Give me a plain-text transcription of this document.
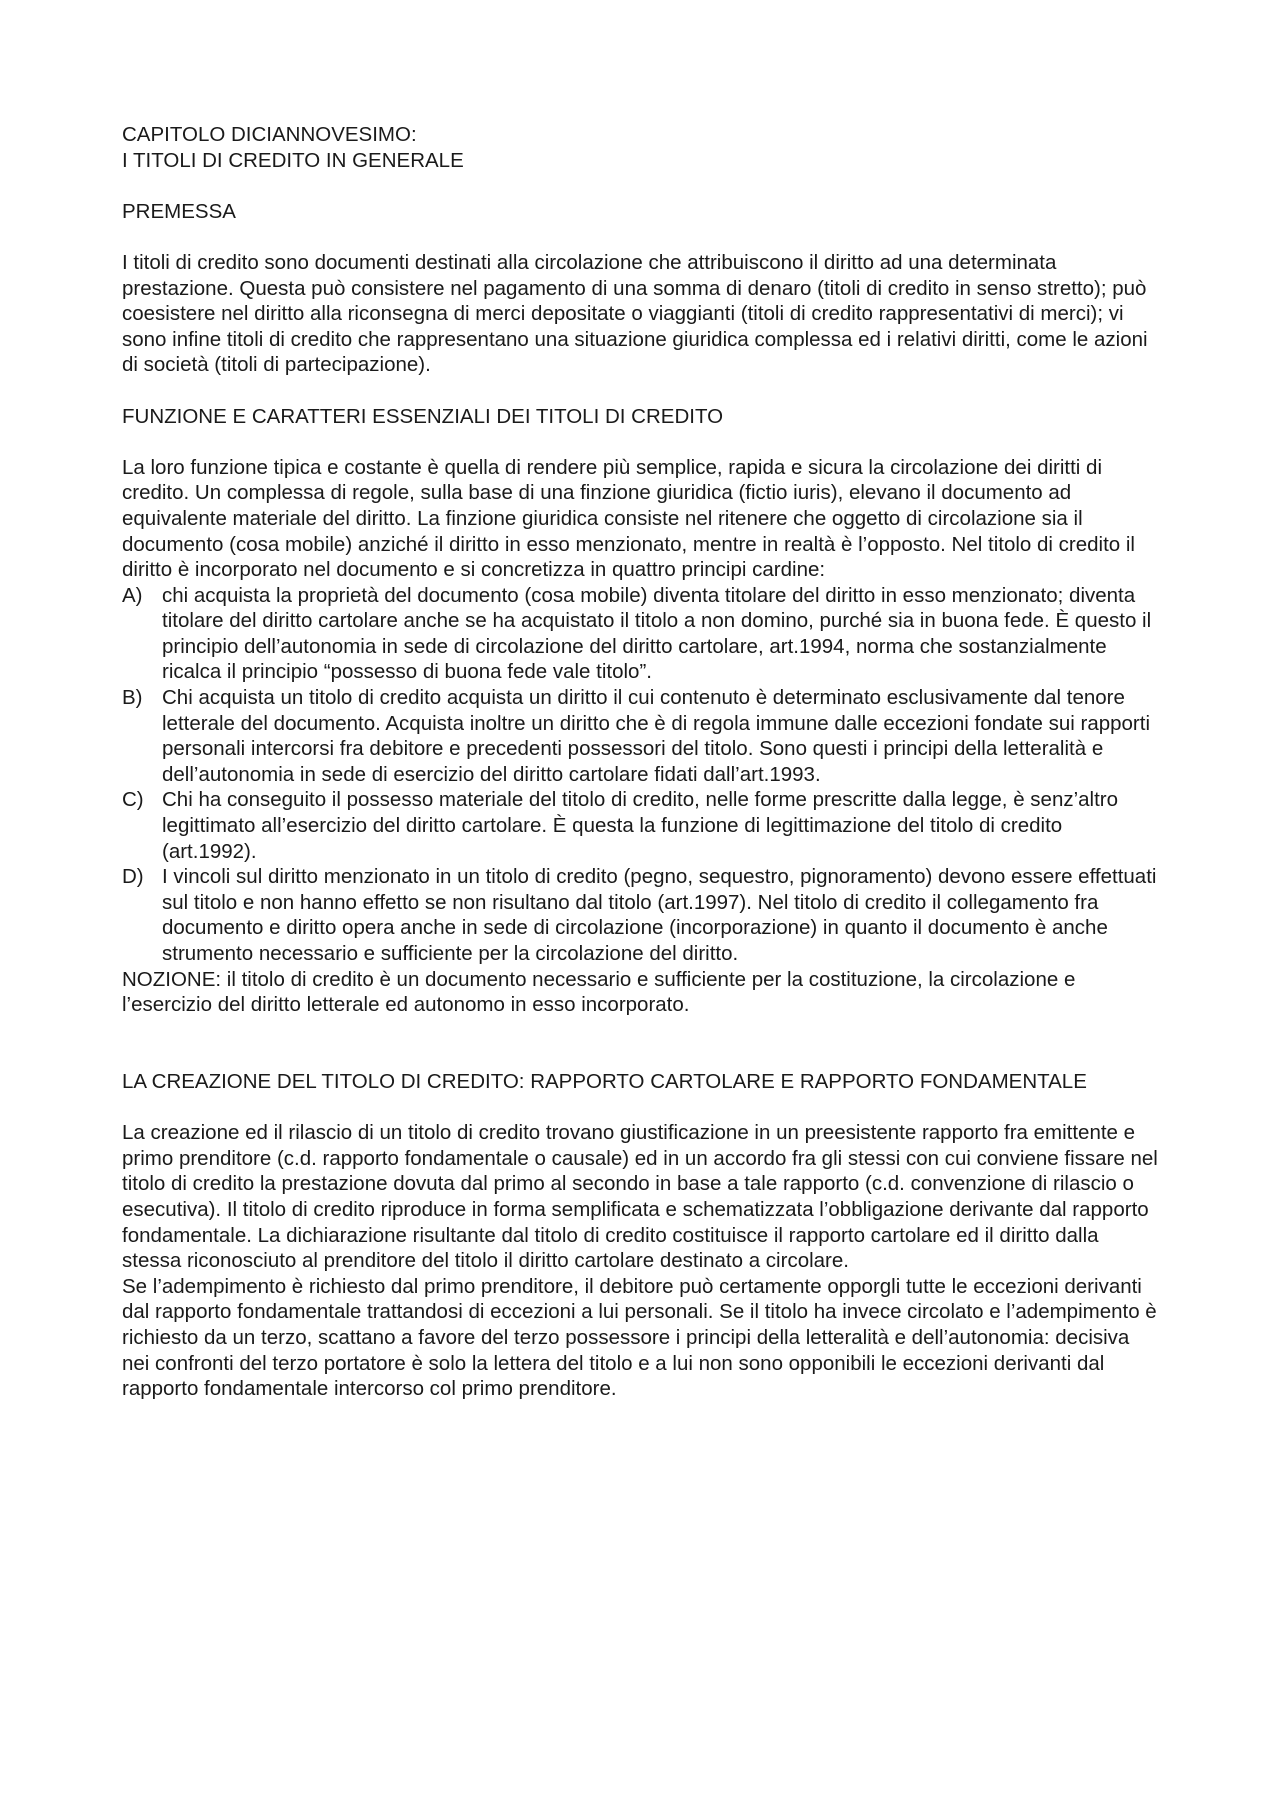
CAPITOLO DICIANNOVESIMO:

I TITOLI DI CREDITO IN GENERALE

PREMESSA

I titoli di credito sono documenti destinati alla circolazione che attribuiscono il diritto ad una determinata prestazione. Questa può consistere nel pagamento di una somma di denaro (titoli di credito in senso stretto); può coesistere nel diritto alla riconsegna di merci depositate o viaggianti (titoli di credito rappresentativi di merci); vi sono infine titoli di credito che rappresentano una situazione giuridica complessa ed i relativi diritti, come le azioni di società (titoli di partecipazione).

FUNZIONE E CARATTERI ESSENZIALI DEI TITOLI DI CREDITO

La loro funzione tipica e costante è quella di rendere più semplice, rapida e sicura la circolazione dei diritti di credito. Un complessa di regole, sulla base di una finzione giuridica (fictio iuris), elevano il documento ad equivalente materiale del diritto. La finzione giuridica consiste nel ritenere che oggetto di circolazione sia il documento (cosa mobile) anziché il diritto in esso menzionato, mentre in realtà è l’opposto. Nel titolo di credito il diritto è incorporato nel documento e si concretizza in quattro principi cardine:

A) chi acquista la proprietà del documento (cosa mobile) diventa titolare del diritto in esso menzionato; diventa titolare del diritto cartolare anche se ha acquistato il titolo a non domino, purché sia in buona fede. È questo il principio dell’autonomia in sede di circolazione del diritto cartolare, art.1994, norma che sostanzialmente ricalca il principio “possesso di buona fede vale titolo”.
B) Chi acquista un titolo di credito acquista un diritto il cui contenuto è determinato esclusivamente dal tenore letterale del documento. Acquista inoltre un diritto che è di regola immune dalle eccezioni fondate sui rapporti personali intercorsi fra debitore e precedenti possessori del titolo. Sono questi i principi della letteralità e dell’autonomia in sede di esercizio del diritto cartolare fidati dall’art.1993.
C) Chi ha conseguito il possesso materiale del titolo di credito, nelle forme prescritte dalla legge, è senz’altro legittimato all’esercizio del diritto cartolare. È questa la funzione di legittimazione del titolo di credito (art.1992).
D) I vincoli sul diritto menzionato in un titolo di credito (pegno, sequestro, pignoramento) devono essere effettuati sul titolo e non hanno effetto se non risultano dal titolo (art.1997). Nel titolo di credito il collegamento fra documento e diritto opera anche in sede di circolazione (incorporazione) in quanto il documento è anche strumento necessario e sufficiente per la circolazione del diritto.

NOZIONE: il titolo di credito è un documento necessario e sufficiente per la costituzione, la circolazione e l’esercizio del diritto letterale ed autonomo in esso incorporato.

LA CREAZIONE DEL TITOLO DI CREDITO: RAPPORTO CARTOLARE E RAPPORTO FONDAMENTALE

La creazione ed il rilascio di un titolo di credito trovano giustificazione in un preesistente rapporto fra emittente e primo prenditore (c.d. rapporto fondamentale o causale) ed in un accordo fra gli stessi con cui conviene fissare nel titolo di credito la prestazione dovuta dal primo al secondo in base a tale rapporto (c.d. convenzione di rilascio o esecutiva). Il titolo di credito riproduce in forma semplificata e schematizzata l’obbligazione derivante dal rapporto fondamentale. La dichiarazione risultante dal titolo di credito costituisce il rapporto cartolare ed il diritto dalla stessa riconosciuto al prenditore del titolo il diritto cartolare destinato a circolare.

Se l’adempimento è richiesto dal primo prenditore, il debitore può certamente opporgli tutte le eccezioni derivanti dal rapporto fondamentale trattandosi di eccezioni a lui personali. Se il titolo ha invece circolato e l’adempimento è richiesto da un terzo, scattano a favore del terzo possessore i principi della letteralità e dell’autonomia: decisiva nei confronti del terzo portatore è solo la lettera del titolo e a lui non sono opponibili le eccezioni derivanti dal rapporto fondamentale intercorso col primo prenditore.
